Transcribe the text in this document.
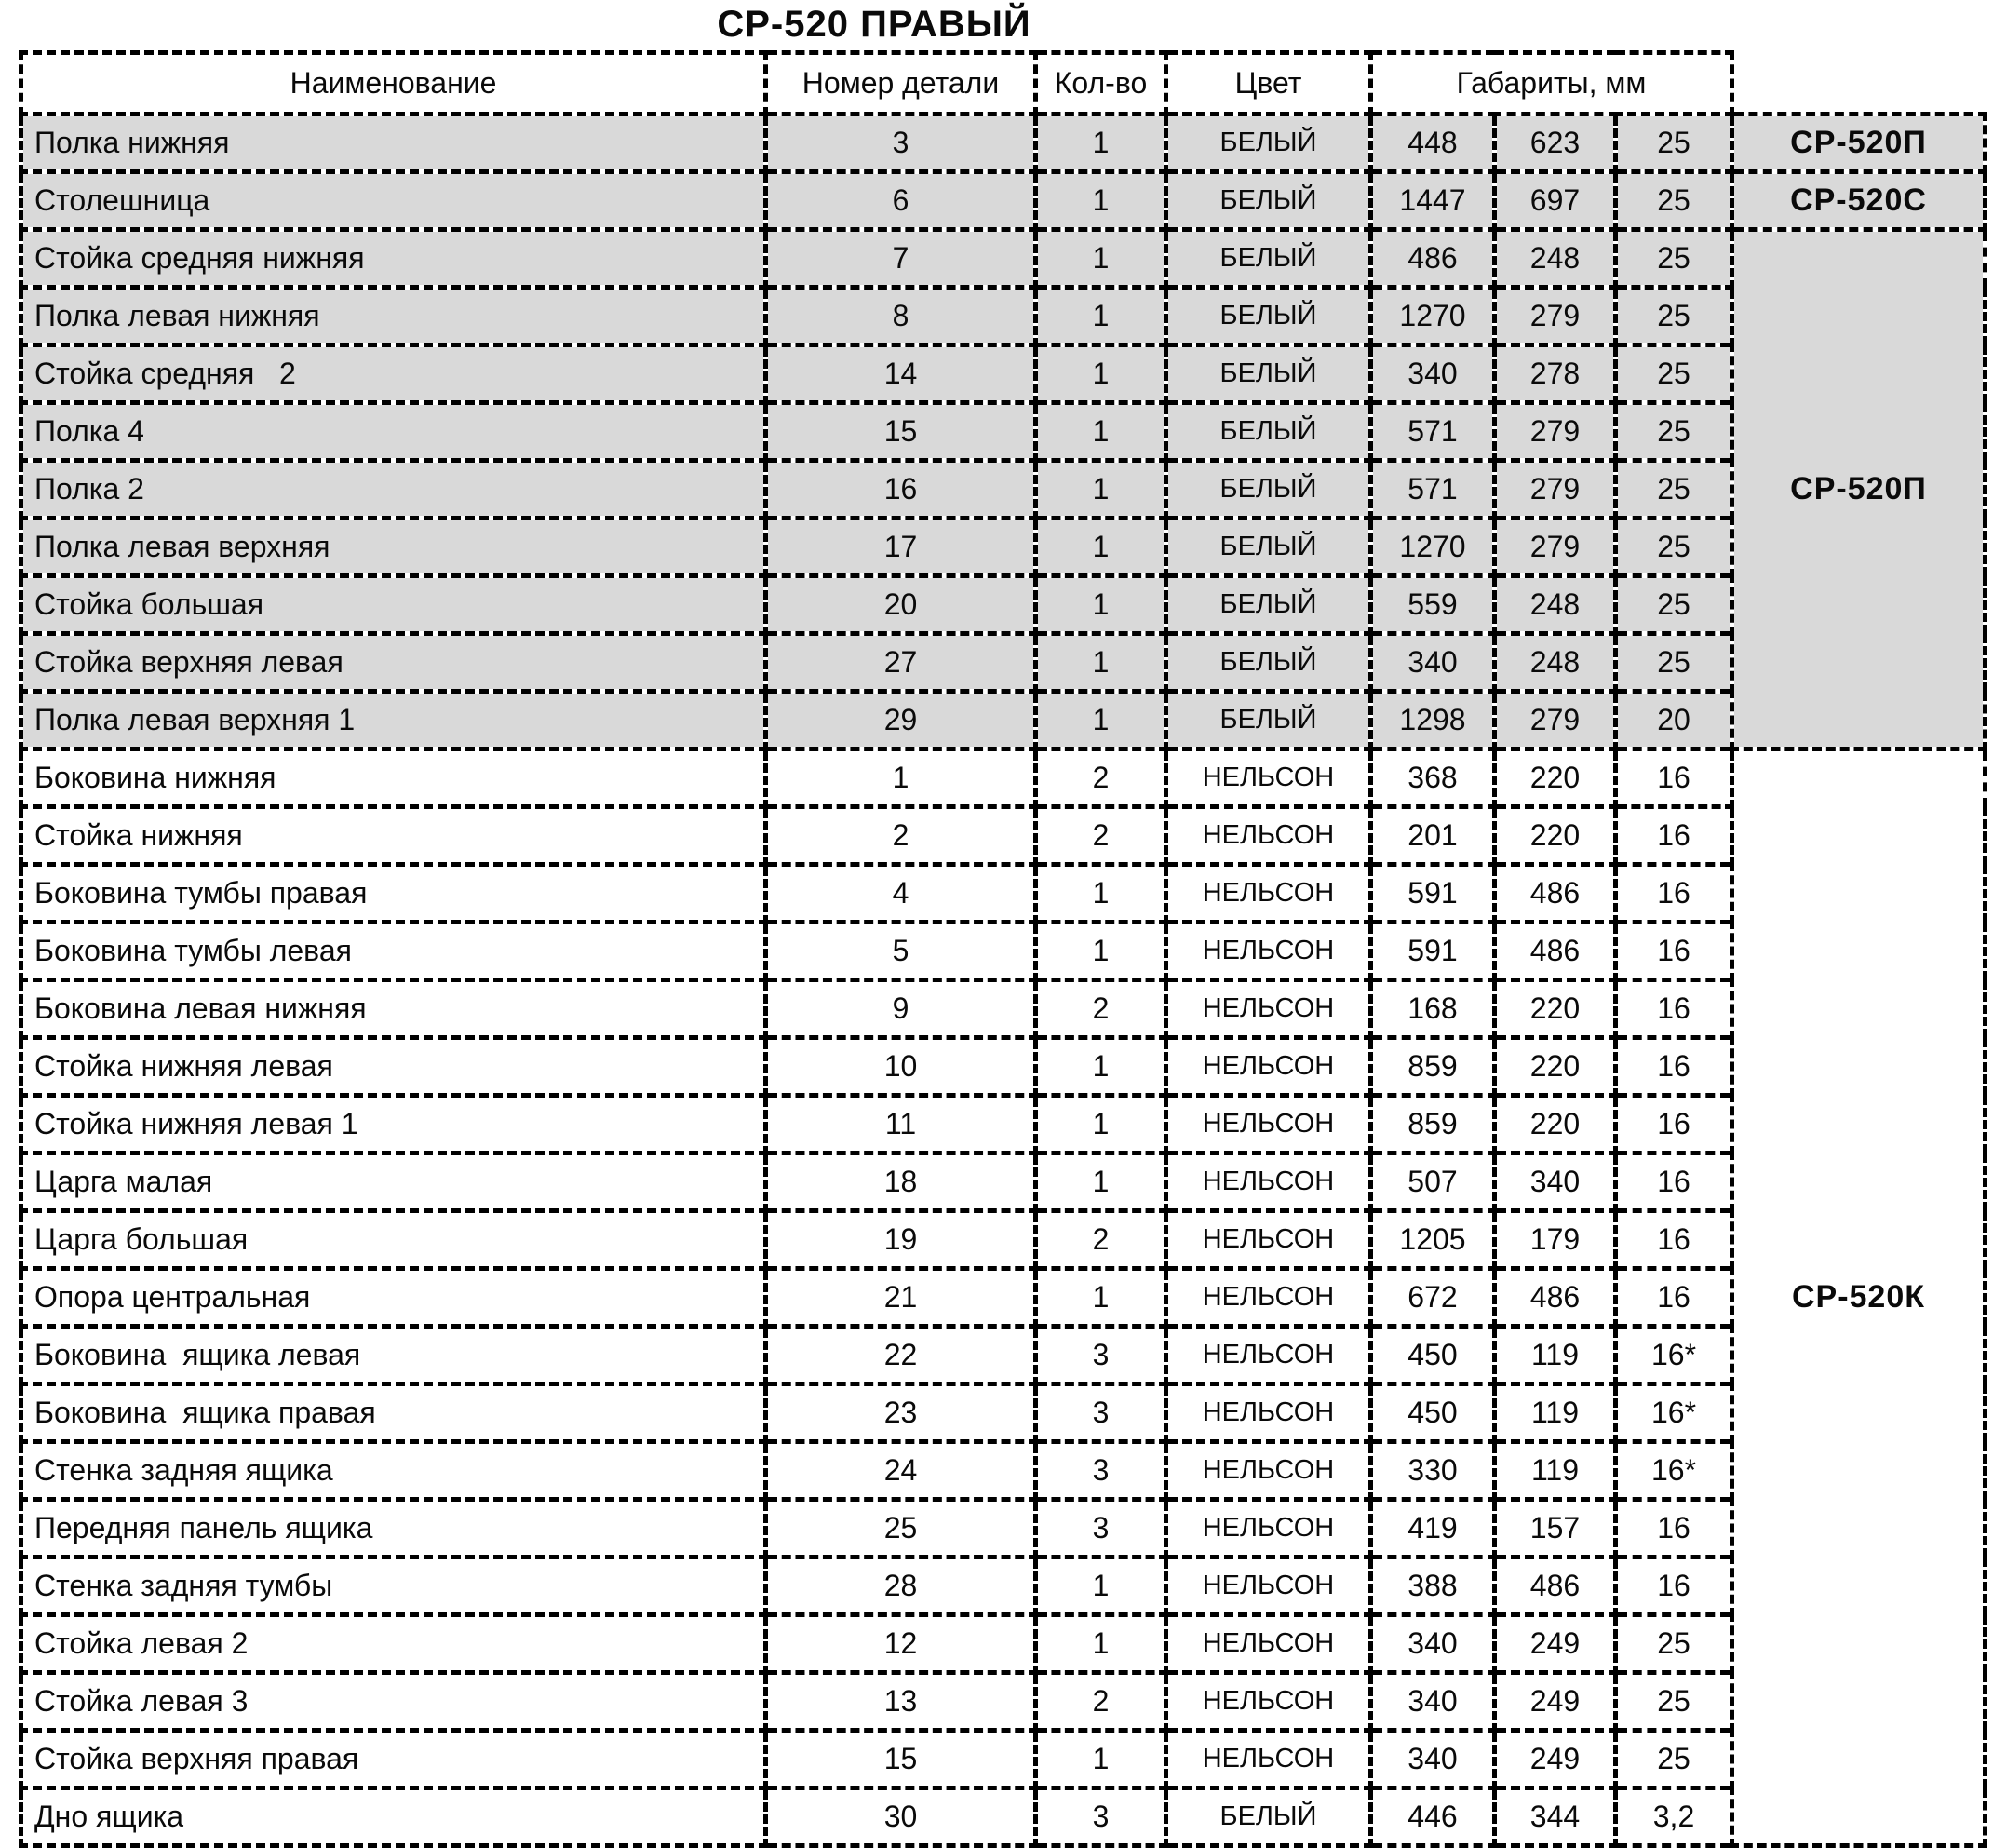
СР-520 ПРАВЫЙ
Наименование	Номер детали	Кол-во	Цвет	Габариты, мм			
Полка нижняя	3	1	БЕЛЫЙ	448	623	25	СР-520П
Столешница	6	1	БЕЛЫЙ	1447	697	25	СР-520С
Стойка средняя нижняя	7	1	БЕЛЫЙ	486	248	25	СР-520П
Полка левая нижняя	8	1	БЕЛЫЙ	1270	279	25	
Стойка средняя   2	14	1	БЕЛЫЙ	340	278	25	
Полка 4	15	1	БЕЛЫЙ	571	279	25	
Полка 2	16	1	БЕЛЫЙ	571	279	25	
Полка левая верхняя	17	1	БЕЛЫЙ	1270	279	25	
Стойка большая	20	1	БЕЛЫЙ	559	248	25	
Стойка верхняя левая	27	1	БЕЛЫЙ	340	248	25	
Полка левая верхняя 1	29	1	БЕЛЫЙ	1298	279	20	
Боковина нижняя	1	2	НЕЛЬСОН	368	220	16	СР-520К
Стойка нижняя	2	2	НЕЛЬСОН	201	220	16	
Боковина тумбы правая	4	1	НЕЛЬСОН	591	486	16	
Боковина тумбы левая	5	1	НЕЛЬСОН	591	486	16	
Боковина левая нижняя	9	2	НЕЛЬСОН	168	220	16	
Стойка нижняя левая	10	1	НЕЛЬСОН	859	220	16	
Стойка нижняя левая 1	11	1	НЕЛЬСОН	859	220	16	
Царга малая	18	1	НЕЛЬСОН	507	340	16	
Царга большая	19	2	НЕЛЬСОН	1205	179	16	
Опора центральная	21	1	НЕЛЬСОН	672	486	16	
Боковина  ящика левая	22	3	НЕЛЬСОН	450	119	16*	
Боковина  ящика правая	23	3	НЕЛЬСОН	450	119	16*	
Стенка задняя ящика	24	3	НЕЛЬСОН	330	119	16*	
Передняя панель ящика	25	3	НЕЛЬСОН	419	157	16	
Стенка задняя тумбы	28	1	НЕЛЬСОН	388	486	16	
Стойка левая 2	12	1	НЕЛЬСОН	340	249	25	
Стойка левая 3	13	2	НЕЛЬСОН	340	249	25	
Стойка верхняя правая	15	1	НЕЛЬСОН	340	249	25	
Дно ящика	30	3	БЕЛЫЙ	446	344	3,2	
